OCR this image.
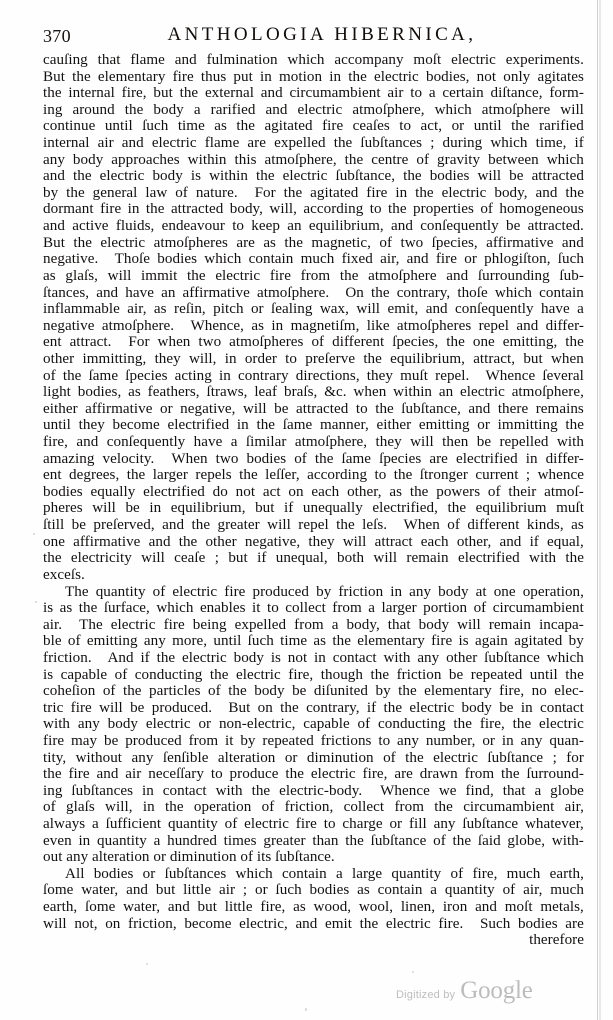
370	ANTHOLOGIA HIBERNICA,
cauſing that flame and fulmination which accompany moſt electric experiments.
But the elementary fire thus put in motion in the electric bodies, not only agitates
the internal fire, but the external and circumambient air to a certain diſtance, form-
ing around the body a rarified and electric atmoſphere, which atmoſphere will
continue until ſuch time as the agitated fire ceaſes to act, or until the rarified
internal air and electric flame are expelled the ſubſtances ; during which time, if
any body approaches within this atmoſphere, the centre of gravity between which
and the electric body is within the electric ſubſtance, the bodies will be attracted
by the general law of nature. For the agitated fire in the electric body, and the
dormant fire in the attracted body, will, according to the properties of homogeneous
and active fluids, endeavour to keep an equilibrium, and conſequently be attracted.
But the electric atmoſpheres are as the magnetic, of two ſpecies, affirmative and
negative. Thoſe bodies which contain much fixed air, and fire or phlogiſton, ſuch
as glaſs, will immit the electric fire from the atmoſphere and ſurrounding ſub-
ſtances, and have an affirmative atmoſphere. On the contrary, thoſe which contain
inflammable air, as reſin, pitch or ſealing wax, will emit, and conſequently have a
negative atmoſphere. Whence, as in magnetiſm, like atmoſpheres repel and differ-
ent attract. For when two atmoſpheres of different ſpecies, the one emitting, the
other immitting, they will, in order to preſerve the equilibrium, attract, but when
of the ſame ſpecies acting in contrary directions, they muſt repel. Whence ſeveral
light bodies, as feathers, ſtraws, leaf braſs, &c. when within an electric atmoſphere,
either affirmative or negative, will be attracted to the ſubſtance, and there remains
until they become electrified in the ſame manner, either emitting or immitting the
fire, and conſequently have a ſimilar atmoſphere, they will then be repelled with
amazing velocity. When two bodies of the ſame ſpecies are electrified in differ-
ent degrees, the larger repels the leſſer, according to the ſtronger current ; whence
bodies equally electrified do not act on each other, as the powers of their atmoſ-
pheres will be in equilibrium, but if unequally electrified, the equilibrium muſt
ſtill be preſerved, and the greater will repel the leſs. When of different kinds, as
one affirmative and the other negative, they will attract each other, and if equal,
the electricity will ceaſe ; but if unequal, both will remain electrified with the
exceſs.
The quantity of electric fire produced by friction in any body at one operation,
is as the ſurface, which enables it to collect from a larger portion of circumambient
air. The electric fire being expelled from a body, that body will remain incapa-
ble of emitting any more, until ſuch time as the elementary fire is again agitated by
friction. And if the electric body is not in contact with any other ſubſtance which
is capable of conducting the electric fire, though the friction be repeated until the
coheſion of the particles of the body be diſunited by the elementary fire, no elec-
tric fire will be produced. But on the contrary, if the electric body be in contact
with any body electric or non-electric, capable of conducting the fire, the electric
fire may be produced from it by repeated frictions to any number, or in any quan-
tity, without any ſenſible alteration or diminution of the electric ſubſtance ; for
the fire and air neceſſary to produce the electric fire, are drawn from the ſurround-
ing ſubſtances in contact with the electric-body. Whence we find, that a globe
of glaſs will, in the operation of friction, collect from the circumambient air,
always a ſufficient quantity of electric fire to charge or fill any ſubſtance whatever,
even in quantity a hundred times greater than the ſubſtance of the ſaid globe, with-
out any alteration or diminution of its ſubſtance.
All bodies or ſubſtances which contain a large quantity of fire, much earth,
ſome water, and but little air ; or ſuch bodies as contain a quantity of air, much
earth, ſome water, and but little fire, as wood, wool, linen, iron and moſt metals,
will not, on friction, become electric, and emit the electric fire. Such bodies are
therefore
Digitized by Google
